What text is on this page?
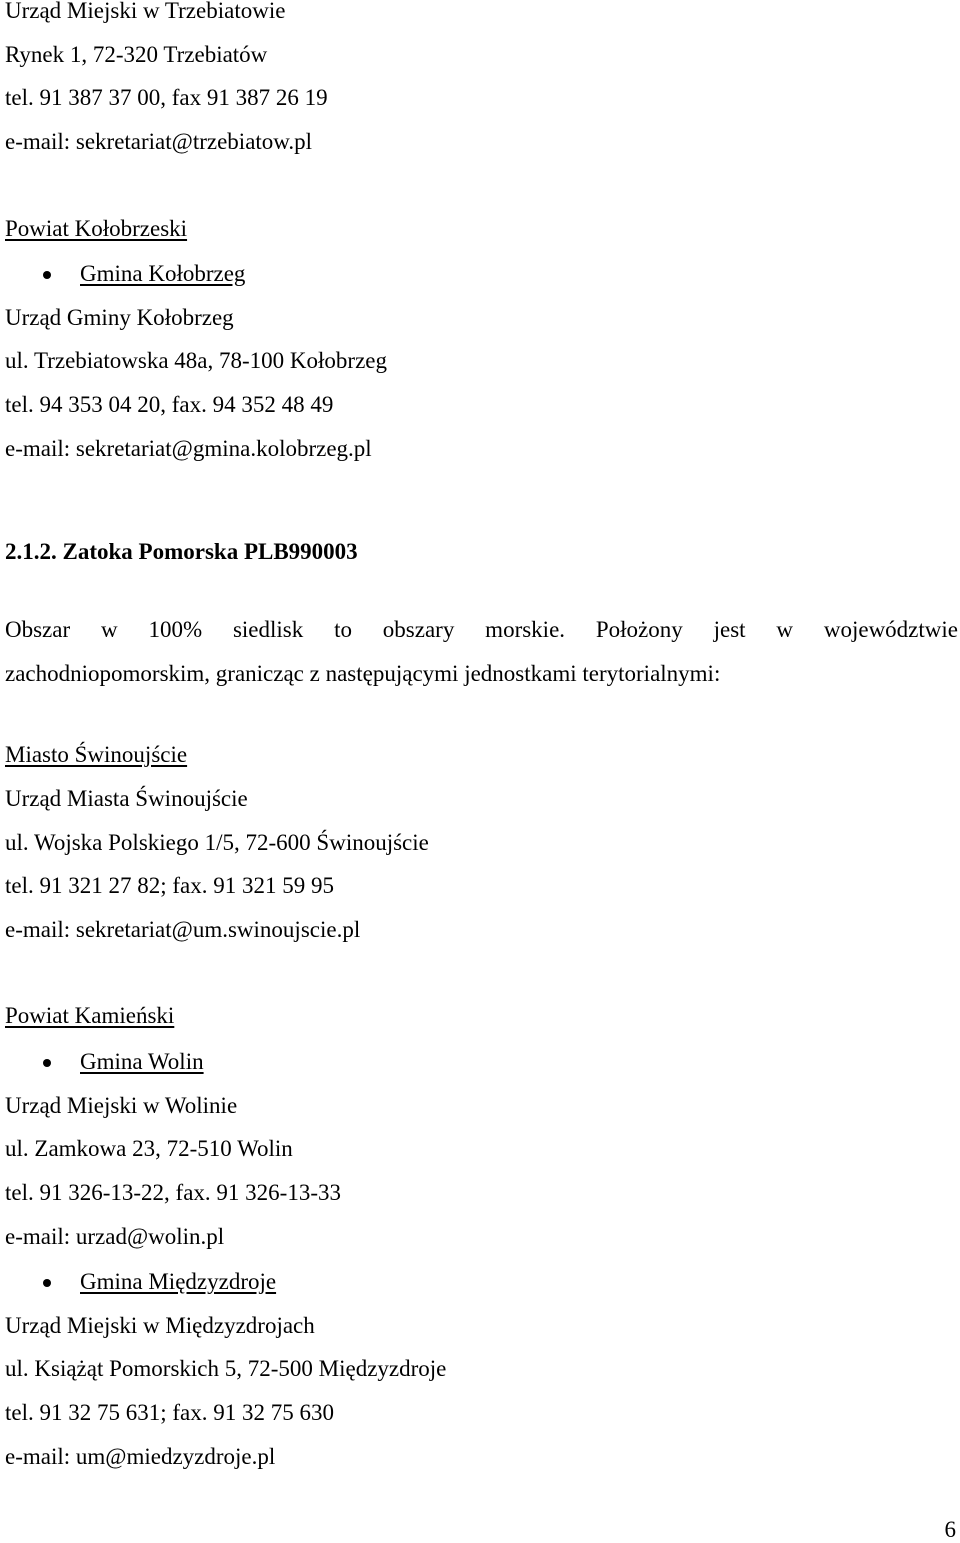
Urząd Miejski w Trzebiatowie
Rynek 1, 72-320 Trzebiatów
tel. 91 387 37 00, fax 91 387 26 19
e-mail: sekretariat@trzebiatow.pl
Powiat Kołobrzeski
Gmina Kołobrzeg
Urząd Gminy Kołobrzeg
ul. Trzebiatowska 48a, 78-100 Kołobrzeg
tel. 94 353 04 20, fax. 94 352 48 49
e-mail: sekretariat@gmina.kolobrzeg.pl
2.1.2. Zatoka Pomorska PLB990003
Obszar w 100% siedlisk to obszary morskie. Położony jest w województwie
zachodniopomorskim, granicząc z następującymi jednostkami terytorialnymi:
Miasto Świnoujście
Urząd Miasta Świnoujście
ul. Wojska Polskiego 1/5, 72-600 Świnoujście
tel. 91 321 27 82; fax. 91 321 59 95
e-mail: sekretariat@um.swinoujscie.pl
Powiat Kamieński
Gmina Wolin
Urząd Miejski w Wolinie
ul. Zamkowa 23, 72-510 Wolin
tel. 91 326-13-22, fax. 91 326-13-33
e-mail: urzad@wolin.pl
Gmina Międzyzdroje
Urząd Miejski w Międzyzdrojach
ul. Książąt Pomorskich 5, 72-500 Międzyzdroje
tel. 91 32 75 631; fax. 91 32 75 630
e-mail: um@miedzyzdroje.pl
6
